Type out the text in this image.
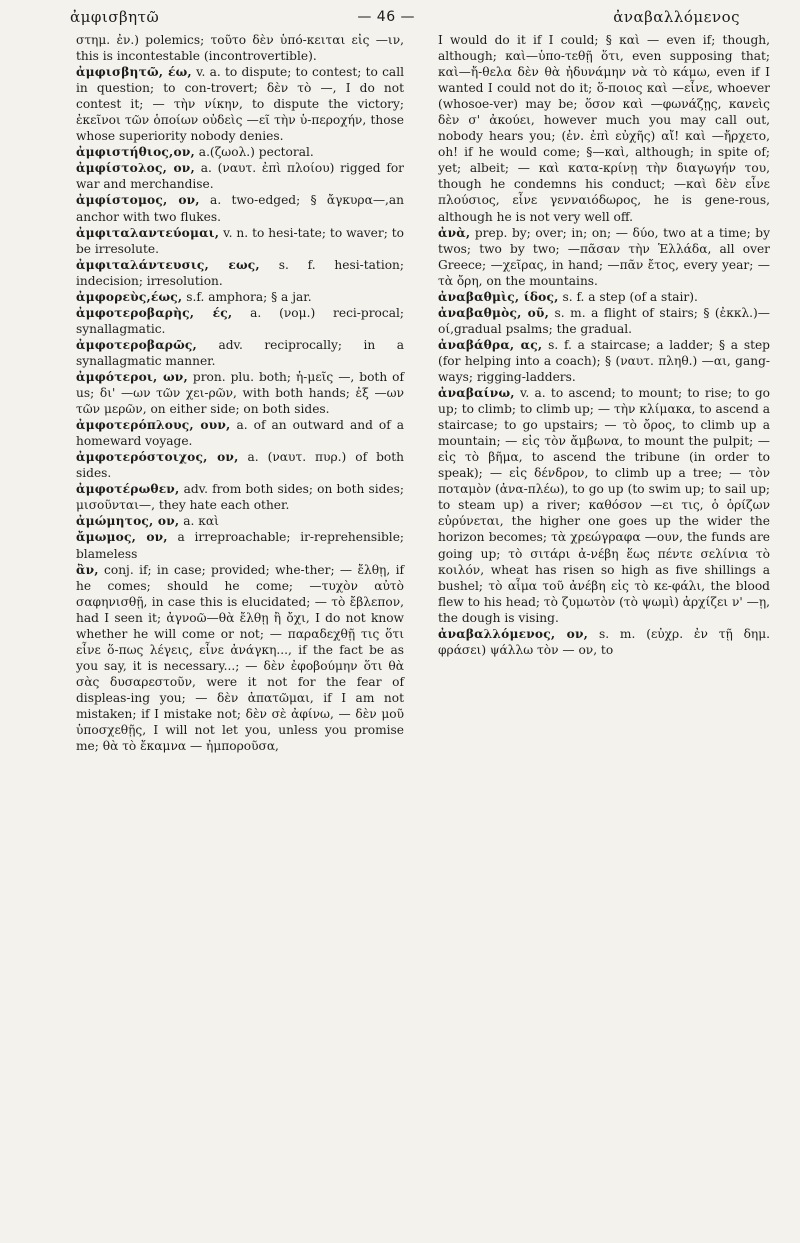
ἀμφισβητῶ	— 46 —	ἀναβαλλόμενος

στημ. ἐν.) polemics; τοῦτο δὲν ὑπό-κειται εἰς —ιν, this is incontestable (incontrovertible).

ἀμφισβητῶ, έω, v. a. to dispute; to contest; to call in question; to con-trovert; δὲν τὸ —, I do not contest it; — τὴν νίκην, to dispute the victory; ἐκεῖνοι τῶν ὁποίων οὐδεὶς —εῖ τὴν ὑ-περοχήν, those whose superiority nobody denies.

ἀμφιστήθιος,ον, a.(ζωολ.) pectoral.

ἀμφίστολος, ον, a. (ναυτ. ἐπὶ πλοίου) rigged for war and merchandise.

ἀμφίστομος, ον, a. two-edged; § ἄγκυρα—,an anchor with two flukes.

ἀμφιταλαντεύομαι, v. n. to hesi-tate; to waver; to be irresolute.

ἀμφιταλάντευσις, εως, s. f. hesi-tation; indecision; irresolution.

ἀμφορεὺς,έως, s.f. amphora; § a jar.

ἀμφοτεροβαρὴς, ές, a. (νομ.) reci-procal; synallagmatic.

ἀμφοτεροβαρῶς, adv. reciprocally; in a synallagmatic manner.

ἀμφότεροι, ων, pron. plu. both; ἡ-μεῖς —, both of us; δι' —ων τῶν χει-ρῶν, with both hands; ἐξ —ων τῶν μερῶν, on either side; on both sides.

ἀμφοτερόπλους, ουν, a. of an outward and of a homeward voyage.

ἀμφοτερόστοιχος, ον, a. (ναυτ. πυρ.) of both sides.

ἀμφοτέρωθεν, adv. from both sides; on both sides; μισοῦνται—, they hate each other.

ἀμώμητος, ον, a. καὶ

ἄμωμος, ον, a irreproachable; ir-reprehensible; blameless

ἂν, conj. if; in case; provided; whe-ther; — ἔλθῃ, if he comes; should he come; —τυχὸν αὐτὸ σαφηνισθῇ, in case this is elucidated; — τὸ ἔβλεπον, had I seen it; ἀγνοῶ—θὰ ἔλθῃ ἢ ὄχι, I do not know whether he will come or not; — παραδεχθῇ τις ὅτι εἶνε ὅ-πως λέγεις, εἶνε ἀνάγκη..., if the fact be as you say, it is necessary...; — δὲν ἐφοβούμην ὅτι θὰ σὰς δυσαρεστοῦν, were it not for the fear of displeas-ing you; — δὲν ἀπατῶμαι, if I am not mistaken; if I mistake not; δὲν σὲ ἀφίνω, — δὲν μοῦ ὑποσχεθῇς, I will not let you, unless you promise me; θὰ τὸ ἔκαμνα — ἠμποροῦσα,

I would do it if I could; § καὶ — even if; though, although; καὶ—ὑπο-τεθῇ ὅτι, even supposing that; καὶ—ἤ-θελα δὲν θὰ ἠδυνάμην νὰ τὸ κάμω, even if I wanted I could not do it; ὅ-ποιος καὶ —εἶνε, whoever (whosoe-ver) may be; ὅσον καὶ —φωνάζῃς, κανεὶς δὲν σ' ἀκούει, however much you may call out, nobody hears you; (ἐν. ἐπὶ εὐχῆς) αἴ! καὶ —ἤρχετο, oh! if he would come; §—καὶ, although; in spite of; yet; albeit; — καὶ κατα-κρίνῃ τὴν διαγωγήν του, though he condemns his conduct; —καὶ δὲν εἶνε πλούσιος, εἶνε γενναιόδωρος, he is gene-rous, although he is not very well off.

ἀνὰ, prep. by; over; in; on; — δύο, two at a time; by twos; two by two; —πᾶσαν τὴν Ἑλλάδα, all over Greece; —χεῖρας, in hand; —πᾶν ἔτος, every year; — τὰ ὄρη, on the mountains.

ἀναβαθμὶς, ίδος, s. f. a step (of a stair).

ἀναβαθμὸς, οῦ, s. m. a flight of stairs; § (ἐκκλ.)—οί,gradual psalms; the gradual.

ἀναβάθρα, ας, s. f. a staircase; a ladder; § a step (for helping into a coach); § (ναυτ. πληθ.) —αι, gang-ways; rigging-ladders.

ἀναβαίνω, v. a. to ascend; to mount; to rise; to go up; to climb; to climb up; — τὴν κλίμακα, to ascend a staircase; to go upstairs; — τὸ ὄρος, to climb up a mountain; — εἰς τὸν ἄμβωνα, to mount the pulpit; — εἰς τὸ βῆμα, to ascend the tribune (in order to speak); — εἰς δένδρον, to climb up a tree; — τὸν ποταμὸν (ἀνα-πλέω), to go up (to swim up; to sail up; to steam up) a river; καθόσον —ει τις, ὁ ὁρίζων εὐρύνεται, the higher one goes up the wider the horizon becomes; τὰ χρεώγραφα —ουν, the funds are going up; τὸ σιτάρι ἀ-νέβη ἕως πέντε σελίνια τὸ κοιλόν, wheat has risen so high as five shillings a bushel; τὸ αἷμα τοῦ ἀνέβη εἰς τὸ κε-φάλι, the blood flew to his head; τὸ ζυμωτὸν (τὸ ψωμὶ) ἀρχίζει ν' —ῃ, the dough is vising.

ἀναβαλλόμενος, ον, s. m. (εὐχρ. ἐν τῇ δημ. φράσει) ψάλλω τὸν — ον, to
